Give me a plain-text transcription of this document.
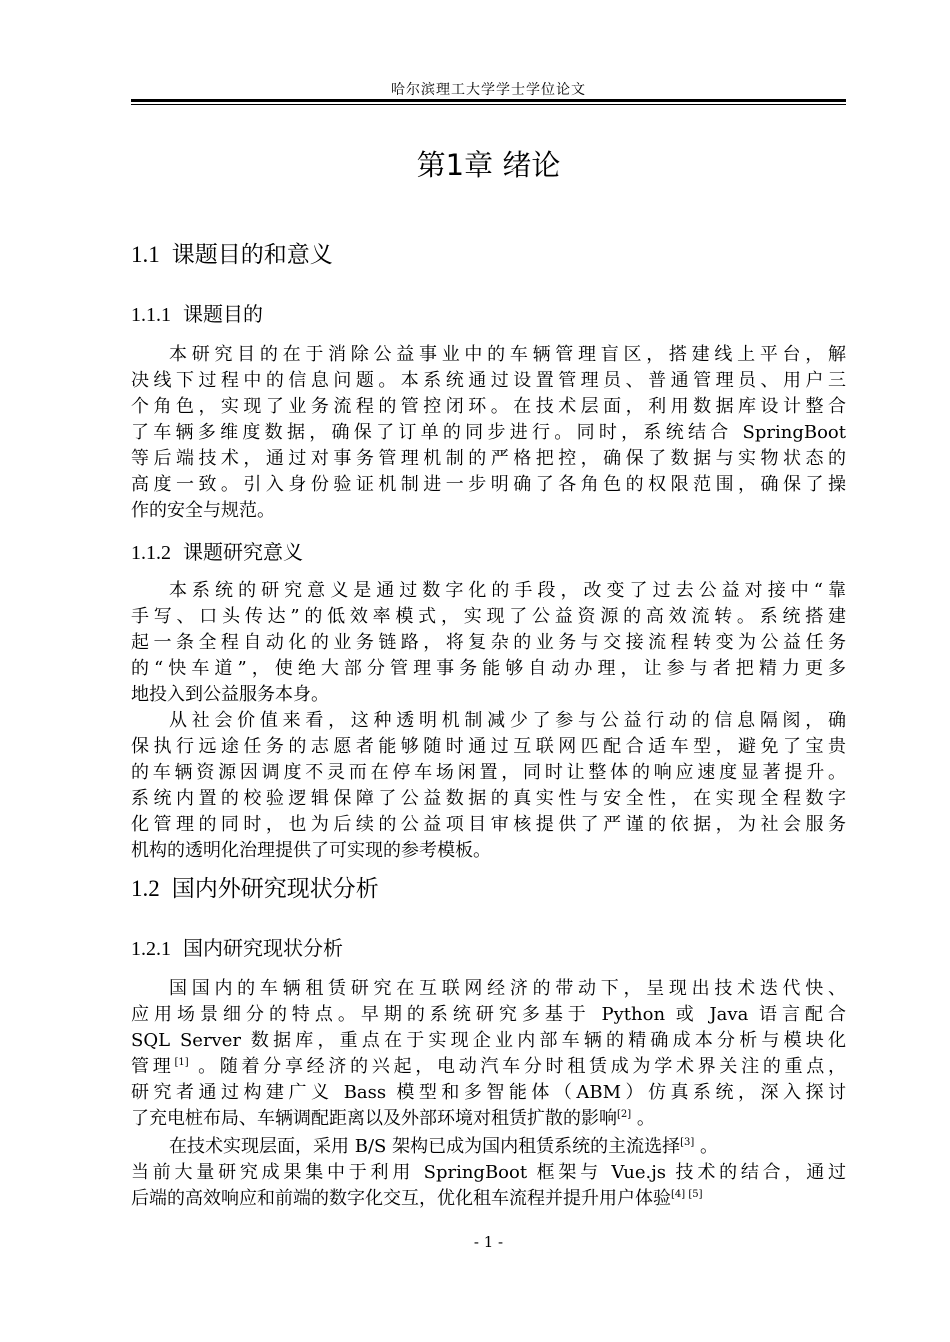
哈尔滨理工大学学士学位论文
第1章 绪论
1.1 课题目的和意义
1.1.1 课题目的

本研究目的在于消除公益事业中的车辆管理盲区，搭建线上平台，解
决线下过程中的信息问题。本系统通过设置管理员、普通管理员、用户三
个角色，实现了业务流程的管控闭环。在技术层面，利用数据库设计整合
了车辆多维度数据，确保了订单的同步进行。同时，系统结合 SpringBoot
等后端技术，通过对事务管理机制的严格把控，确保了数据与实物状态的
高度一致。引入身份验证机制进一步明确了各角色的权限范围，确保了操
作的安全与规范。

1.1.2 课题研究意义

本系统的研究意义是通过数字化的手段，改变了过去公益对接中“靠
手写、口头传达”的低效率模式，实现了公益资源的高效流转。系统搭建
起一条全程自动化的业务链路，将复杂的业务与交接流程转变为公益任务
的“快车道”，使绝大部分管理事务能够自动办理，让参与者把精力更多
地投入到公益服务本身。

从社会价值来看，这种透明机制减少了参与公益行动的信息隔阂，确
保执行远途任务的志愿者能够随时通过互联网匹配合适车型，避免了宝贵
的车辆资源因调度不灵而在停车场闲置，同时让整体的响应速度显著提升。
系统内置的校验逻辑保障了公益数据的真实性与安全性，在实现全程数字
化管理的同时，也为后续的公益项目审核提供了严谨的依据，为社会服务
机构的透明化治理提供了可实现的参考模板。

1.2 国内外研究现状分析
1.2.1 国内研究现状分析

国国内的车辆租赁研究在互联网经济的带动下，呈现出技术迭代快、
应用场景细分的特点。早期的系统研究多基于 Python 或 Java 语言配合
SQL Server 数据库，重点在于实现企业内部车辆的精确成本分析与模块化
管理[1] 。随着分享经济的兴起，电动汽车分时租赁成为学术界关注的重点，
研究者通过构建广义 Bass 模型和多智能体（ABM）仿真系统，深入探讨
了充电桩布局、车辆调配距离以及外部环境对租赁扩散的影响[2] 。

在技术实现层面，采用 B/S 架构已成为国内租赁系统的主流选择[3] 。
当前大量研究成果集中于利用 SpringBoot 框架与 Vue.js 技术的结合，通过
后端的高效响应和前端的数字化交互，优化租车流程并提升用户体验[4] [5]

- 1 -
